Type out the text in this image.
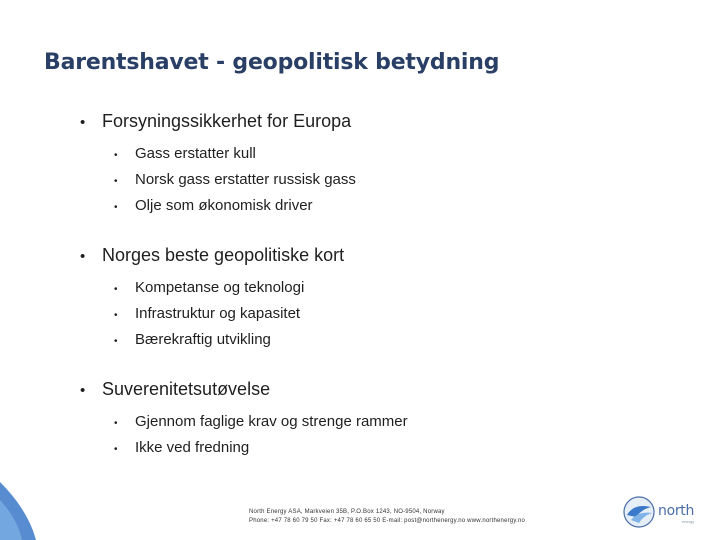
Barentshavet - geopolitisk betydning
• Forsyningssikkerhet for Europa
•	Gass erstatter kull
•	Norsk gass erstatter russisk gass
•	Olje som økonomisk driver
• Norges beste geopolitiske kort
•	Kompetanse og teknologi
•	Infrastruktur og kapasitet
•	Bærekraftig utvikling
• Suverenitetsutøvelse
•	Gjennom faglige krav og strenge rammer
•	Ikke ved fredning
North Energy ASA, Markveien 35B, P.O.Box 1243, NO-9504, Norway
Phone: +47 78 60 79 50 Fax: +47 78 60 65 50 E-mail: post@northenergy.no www.northenergy.no
north
energy
